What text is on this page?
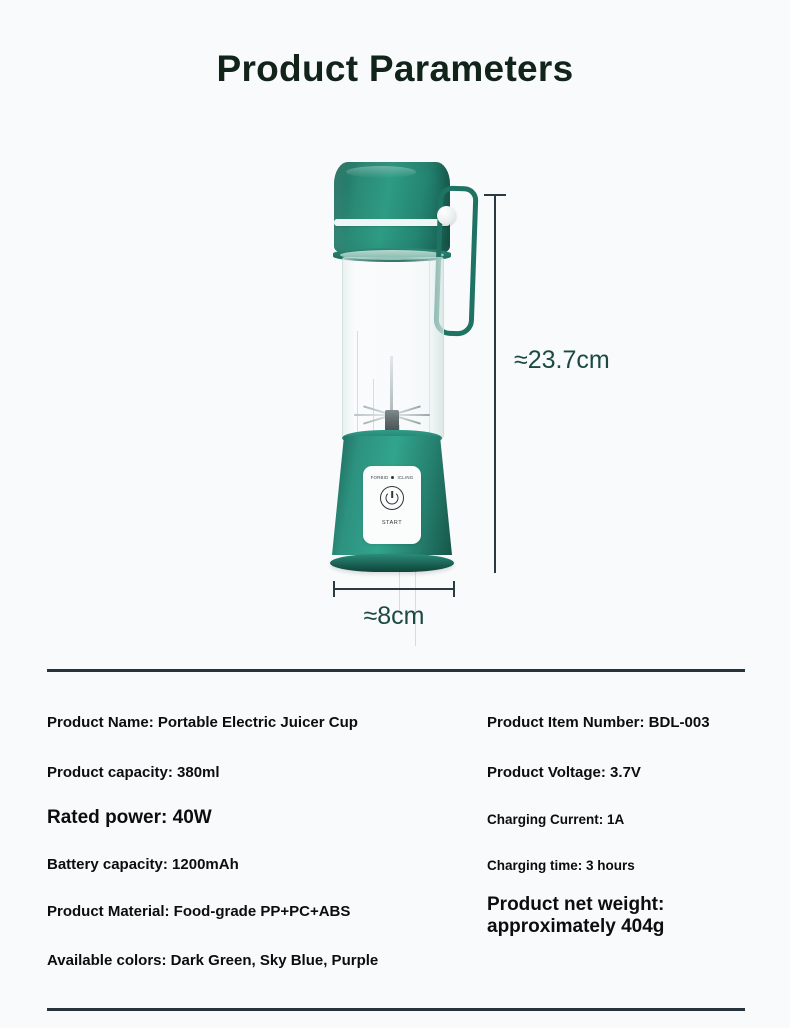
Product Parameters
FORBID ICLING
START
≈23.7cm
≈8cm
Product Name: Portable Electric Juicer Cup
Product capacity: 380ml
Rated power: 40W
Battery capacity: 1200mAh
Product Material: Food-grade PP+PC+ABS
Available colors: Dark Green, Sky Blue, Purple
Product Item Number: BDL-003
Product Voltage: 3.7V
Charging Current: 1A
Charging time: 3 hours
Product net weight:
approximately 404g
